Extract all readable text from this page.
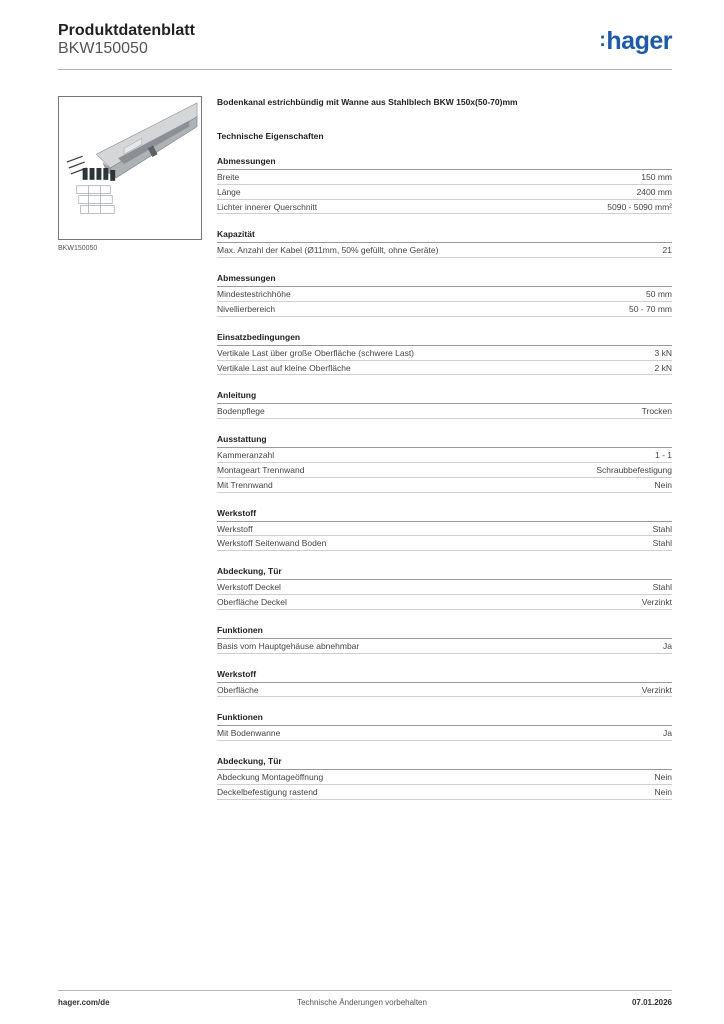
Produktdatenblatt
BKW150050	:hager
BKW150050
Bodenkanal estrichbündig mit Wanne aus Stahlblech BKW 150x(50-70)mm
Technische Eigenschaften
Abmessungen
Breite	150 mm
Länge	2400 mm
Lichter innerer Querschnitt	5090 - 5090 mm²
Kapazität
Max. Anzahl der Kabel (Ø11mm, 50% gefüllt, ohne Geräte)	21
Abmessungen
Mindestestrichhöhe	50 mm
Nivellierbereich	50 - 70 mm
Einsatzbedingungen
Vertikale Last über große Oberfläche (schwere Last)	3 kN
Vertikale Last auf kleine Oberfläche	2 kN
Anleitung
Bodenpflege	Trocken
Ausstattung
Kammeranzahl	1 - 1
Montageart Trennwand	Schraubbefestigung
Mit Trennwand	Nein
Werkstoff
Werkstoff	Stahl
Werkstoff Seitenwand Boden	Stahl
Abdeckung, Tür
Werkstoff Deckel	Stahl
Oberfläche Deckel	Verzinkt
Funktionen
Basis vom Hauptgehäuse abnehmbar	Ja
Werkstoff
Oberfläche	Verzinkt
Funktionen
Mit Bodenwanne	Ja
Abdeckung, Tür
Abdeckung Montageöffnung	Nein
Deckelbefestigung rastend	Nein
hager.com/de	Technische Änderungen vorbehalten	07.01.2026
